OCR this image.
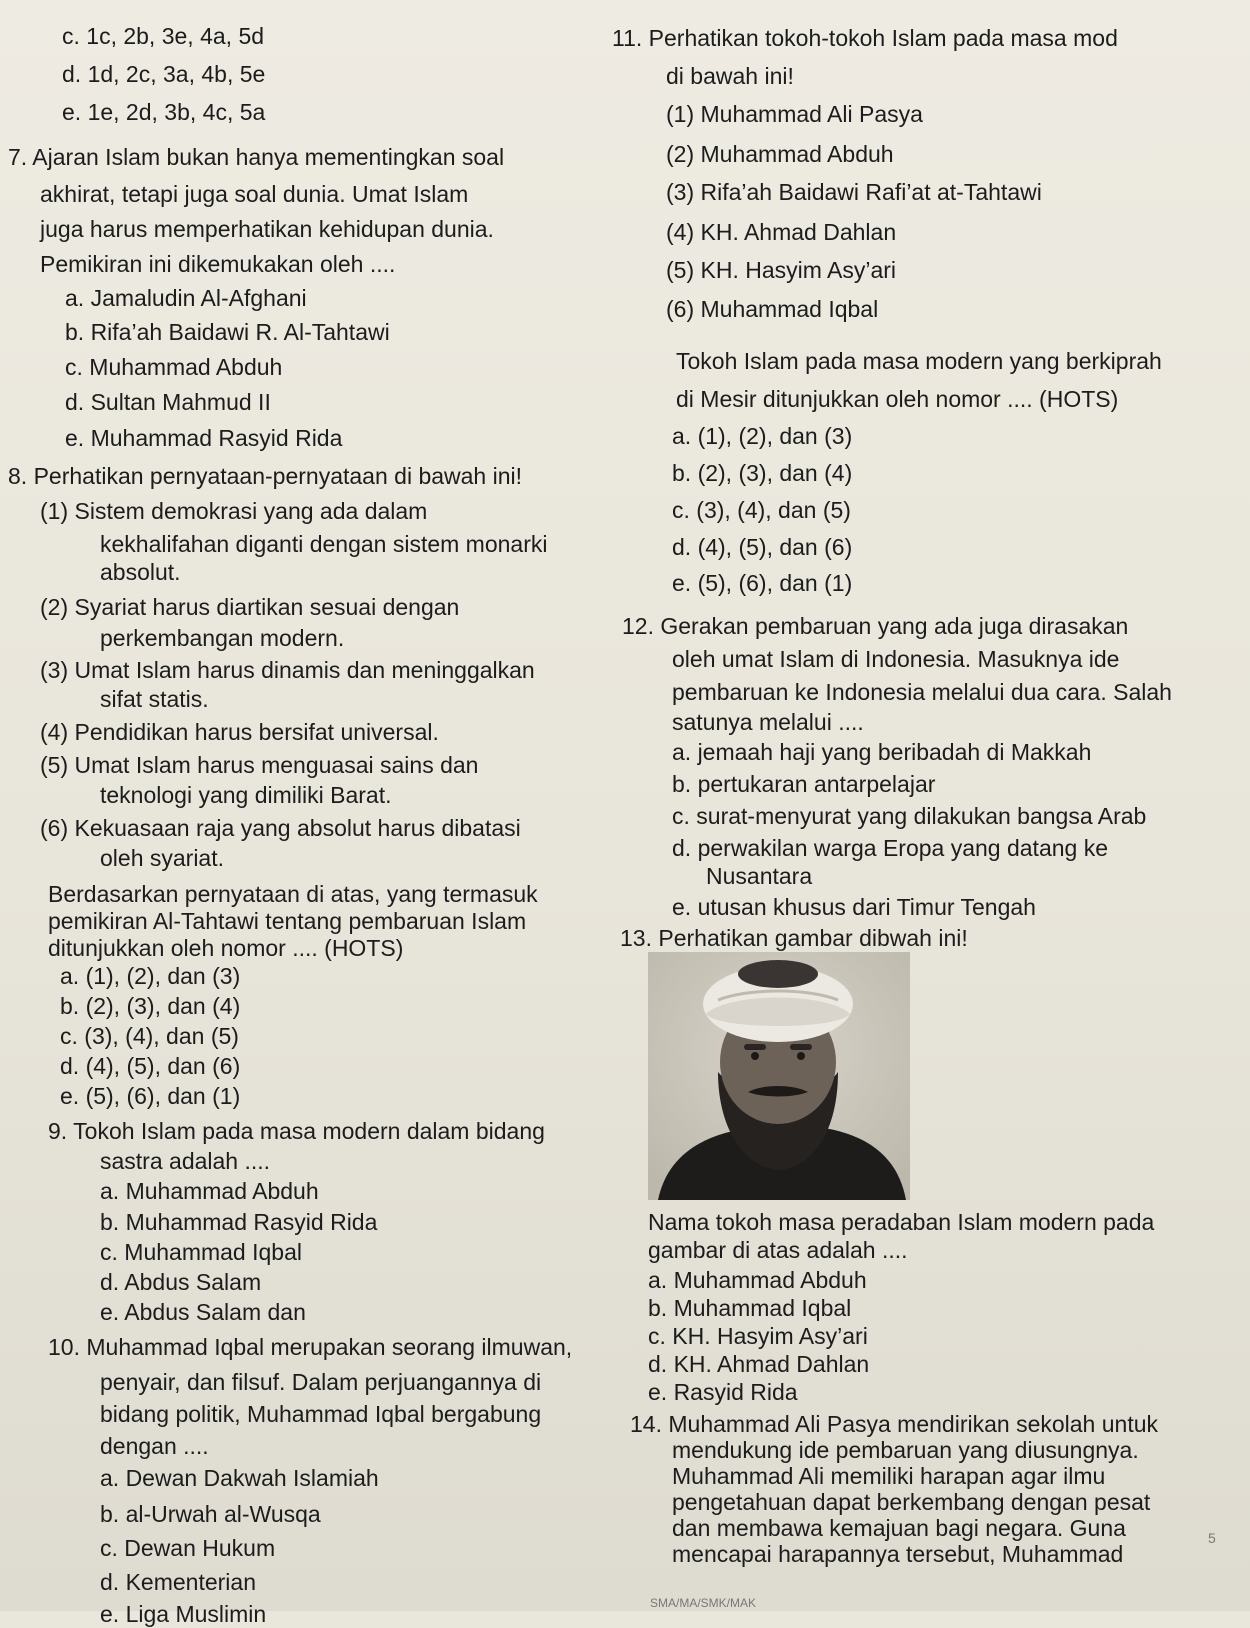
c. 1c, 2b, 3e, 4a, 5d
d. 1d, 2c, 3a, 4b, 5e
e. 1e, 2d, 3b, 4c, 5a
7. Ajaran Islam bukan hanya mementingkan soal
akhirat, tetapi juga soal dunia. Umat Islam
juga harus memperhatikan kehidupan dunia.
Pemikiran ini dikemukakan oleh ....
a. Jamaludin Al-Afghani
b. Rifa’ah Baidawi R. Al-Tahtawi
c. Muhammad Abduh
d. Sultan Mahmud II
e. Muhammad Rasyid Rida
8. Perhatikan pernyataan-pernyataan di bawah ini!
(1) Sistem demokrasi yang ada dalam
kekhalifahan diganti dengan sistem monarki
absolut.
(2) Syariat harus diartikan sesuai dengan
perkembangan modern.
(3) Umat Islam harus dinamis dan meninggalkan
sifat statis.
(4) Pendidikan harus bersifat universal.
(5) Umat Islam harus menguasai sains dan
teknologi yang dimiliki Barat.
(6) Kekuasaan raja yang absolut harus dibatasi
oleh syariat.
Berdasarkan pernyataan di atas, yang termasuk
pemikiran Al-Tahtawi tentang pembaruan Islam
ditunjukkan oleh nomor .... (HOTS)
a. (1), (2), dan (3)
b. (2), (3), dan (4)
c. (3), (4), dan (5)
d. (4), (5), dan (6)
e. (5), (6), dan (1)
9. Tokoh Islam pada masa modern dalam bidang
sastra adalah ....
a. Muhammad Abduh
b. Muhammad Rasyid Rida
c. Muhammad Iqbal
d. Abdus Salam
e. Abdus Salam dan
10. Muhammad Iqbal merupakan seorang ilmuwan,
penyair, dan filsuf. Dalam perjuangannya di
bidang politik, Muhammad Iqbal bergabung
dengan ....
a. Dewan Dakwah Islamiah
b. al-Urwah al-Wusqa
c. Dewan Hukum
d. Kementerian
e. Liga Muslimin
11. Perhatikan tokoh-tokoh Islam pada masa mod
di bawah ini!
(1) Muhammad Ali Pasya
(2) Muhammad Abduh
(3) Rifa’ah Baidawi Rafi’at at-Tahtawi
(4) KH. Ahmad Dahlan
(5) KH. Hasyim Asy’ari
(6) Muhammad Iqbal
Tokoh Islam pada masa modern yang berkiprah
di Mesir ditunjukkan oleh nomor .... (HOTS)
a. (1), (2), dan (3)
b. (2), (3), dan (4)
c. (3), (4), dan (5)
d. (4), (5), dan (6)
e. (5), (6), dan (1)
12. Gerakan pembaruan yang ada juga dirasakan
oleh umat Islam di Indonesia. Masuknya ide
pembaruan ke Indonesia melalui dua cara. Salah
satunya melalui ....
a. jemaah haji yang beribadah di Makkah
b. pertukaran antarpelajar
c. surat-menyurat yang dilakukan bangsa Arab
d. perwakilan warga Eropa yang datang ke
Nusantara
e. utusan khusus dari Timur Tengah
13. Perhatikan gambar dibwah ini!
Nama tokoh masa peradaban Islam modern pada
gambar di atas adalah ....
a. Muhammad Abduh
b. Muhammad Iqbal
c. KH. Hasyim Asy’ari
d. KH. Ahmad Dahlan
e. Rasyid Rida
14. Muhammad Ali Pasya mendirikan sekolah untuk
mendukung ide pembaruan yang diusungnya.
Muhammad Ali memiliki harapan agar ilmu
pengetahuan dapat berkembang dengan pesat
dan membawa kemajuan bagi negara. Guna
mencapai harapannya tersebut, Muhammad
SMA/MA/SMK/MAK
5
